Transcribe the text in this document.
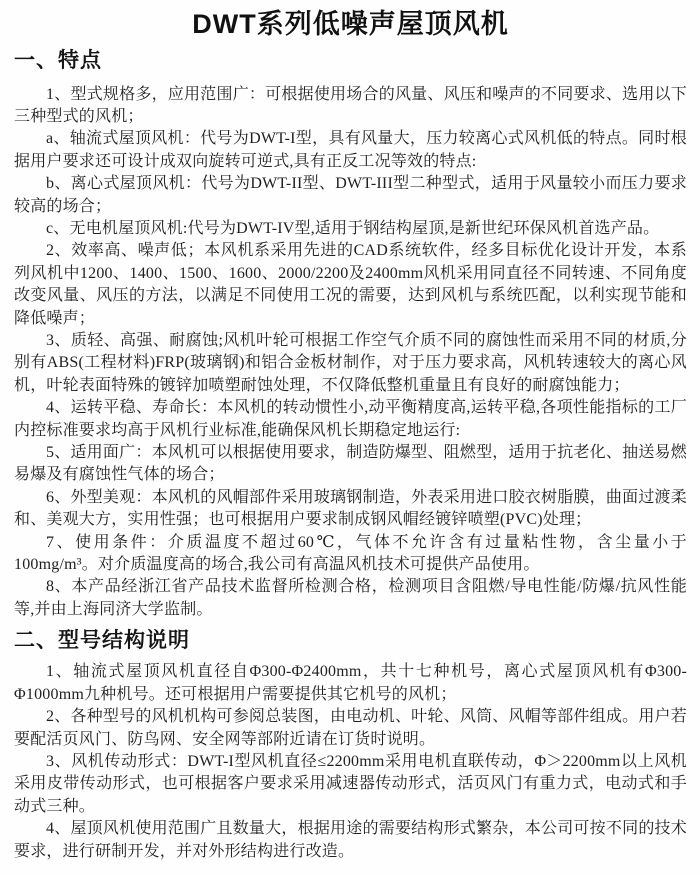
DWT系列低噪声屋顶风机
一、特点

1、型式规格多，应用范围广：可根据使用场合的风量、风压和噪声的不同要求、选用以下三种型式的风机；

a、轴流式屋顶风机：代号为DWT-I型，具有风量大，压力较离心式风机低的特点。同时根据用户要求还可设计成双向旋转可逆式,具有正反工况等效的特点:

b、离心式屋顶风机：代号为DWT-II型、DWT-III型二种型式，适用于风量较小而压力要求较高的场合；

c、无电机屋顶风机:代号为DWT-IV型,适用于钢结构屋顶,是新世纪环保风机首选产品。

2、效率高、噪声低；本风机系采用先进的CAD系统软件，经多目标优化设计开发，本系列风机中1200、1400、1500、1600、2000/2200及2400mm风机采用同直径不同转速、不同角度改变风量、风压的方法，以满足不同使用工况的需要，达到风机与系统匹配，以利实现节能和降低噪声；

3、质轻、高强、耐腐蚀;风机叶轮可根据工作空气介质不同的腐蚀性而采用不同的材质,分别有ABS(工程材料)FRP(玻璃钢)和铝合金板材制作，对于压力要求高，风机转速较大的离心风机，叶轮表面特殊的镀锌加喷塑耐蚀处理，不仅降低整机重量且有良好的耐腐蚀能力；

4、运转平稳、寿命长：本风机的转动惯性小,动平衡精度高,运转平稳,各项性能指标的工厂内控标准要求均高于风机行业标准,能确保风机长期稳定地运行:

5、适用面广：本风机可以根据使用要求，制造防爆型、阻燃型，适用于抗老化、抽送易燃易爆及有腐蚀性气体的场合；

6、外型美观：本风机的风帽部件采用玻璃钢制造，外表采用进口胶衣树脂膜，曲面过渡柔和、美观大方，实用性强；也可根据用户要求制成钢风帽经镀锌喷塑(PVC)处理；

7、使用条件：介质温度不超过60℃，气体不允许含有过量粘性物，含尘量小于100mg/m³。对介质温度高的场合,我公司有高温风机技术可提供产品使用。

8、本产品经浙江省产品技术监督所检测合格，检测项目含阻燃/导电性能/防爆/抗风性能等,并由上海同济大学监制。

二、型号结构说明

1、轴流式屋顶风机直径自Φ300-Φ2400mm，共十七种机号，离心式屋顶风机有Φ300-Φ1000mm九种机号。还可根据用户需要提供其它机号的风机；

2、各种型号的风机机构可参阅总装图，由电动机、叶轮、风筒、风帽等部件组成。用户若要配活页风门、防鸟网、安全网等部附近请在订货时说明。

3、风机传动形式：DWT-I型风机直径≤2200mm采用电机直联传动，Φ＞2200mm以上风机采用皮带传动形式，也可根据客户要求采用减速器传动形式，活页风门有重力式，电动式和手动式三种。

4、屋顶风机使用范围广且数量大，根据用途的需要结构形式繁杂，本公司可按不同的技术要求，进行研制开发，并对外形结构进行改造。
